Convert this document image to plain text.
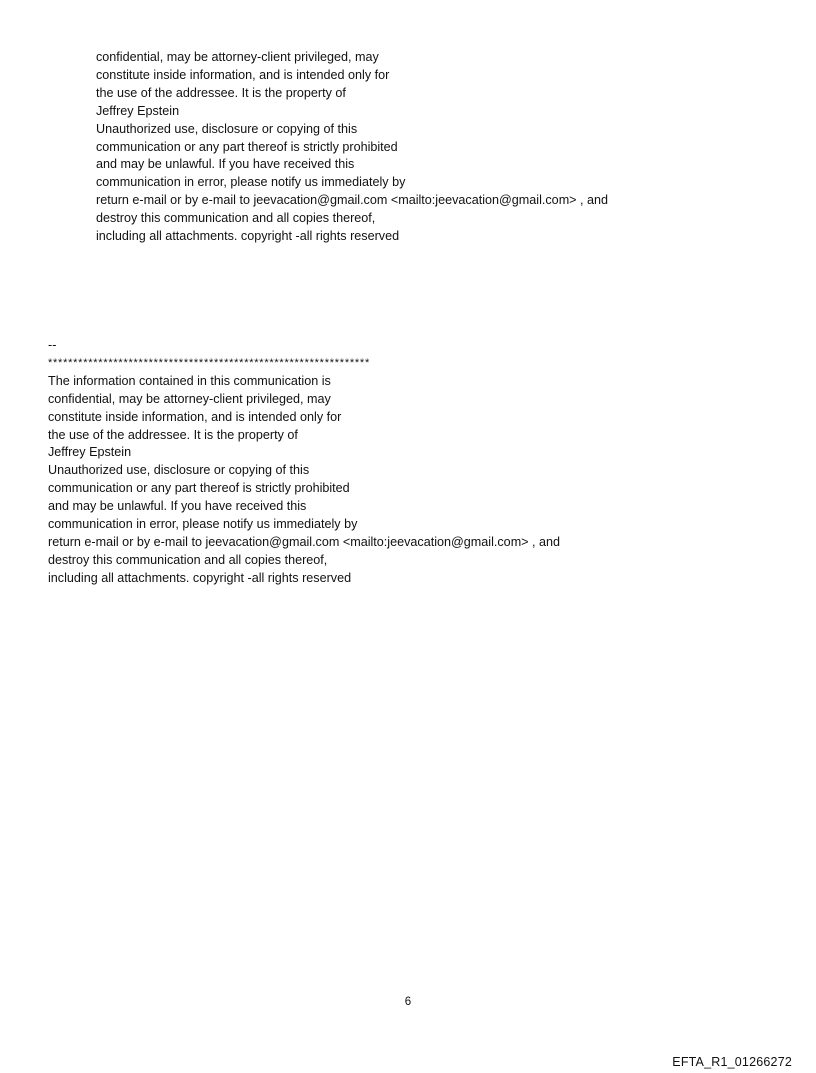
confidential, may be attorney-client privileged, may
constitute inside information, and is intended only for
the use of the addressee. It is the property of
Jeffrey Epstein
Unauthorized use, disclosure or copying of this
communication or any part thereof is strictly prohibited
and may be unlawful. If you have received this
communication in error, please notify us immediately by
return e-mail or by e-mail to jeevacation@gmail.com <mailto:jeevacation@gmail.com> , and
destroy this communication and all copies thereof,
including all attachments. copyright -all rights reserved
--
****************************************************************
The information contained in this communication is
confidential, may be attorney-client privileged, may
constitute inside information, and is intended only for
the use of the addressee. It is the property of
Jeffrey Epstein
Unauthorized use, disclosure or copying of this
communication or any part thereof is strictly prohibited
and may be unlawful. If you have received this
communication in error, please notify us immediately by
return e-mail or by e-mail to jeevacation@gmail.com <mailto:jeevacation@gmail.com> , and
destroy this communication and all copies thereof,
including all attachments. copyright -all rights reserved
6
EFTA_R1_01266272
